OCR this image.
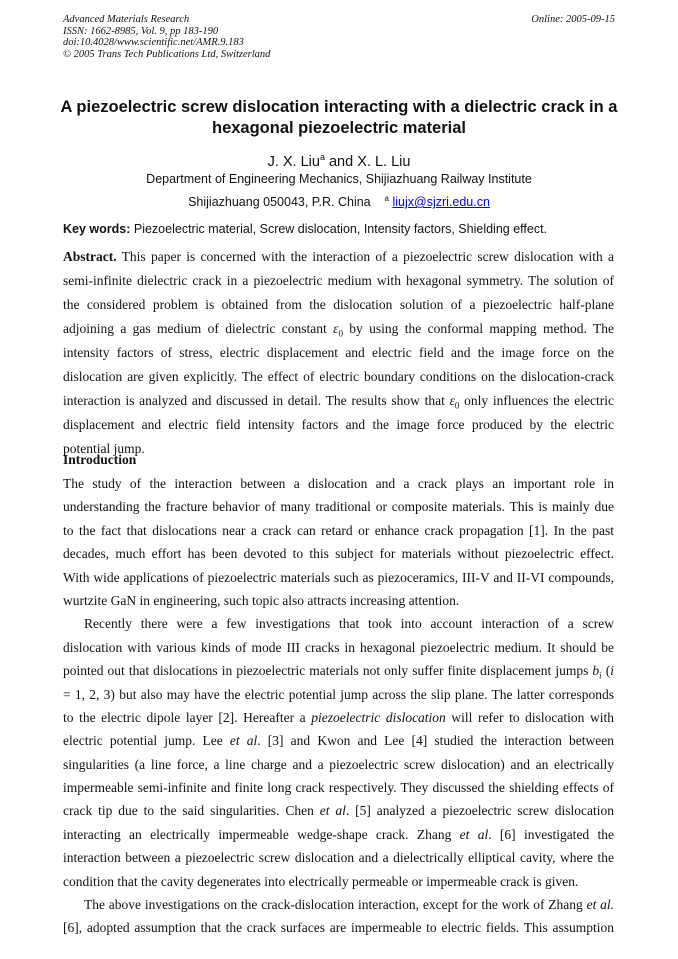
Advanced Materials Research
ISSN: 1662-8985, Vol. 9, pp 183-190
doi:10.4028/www.scientific.net/AMR.9.183
© 2005 Trans Tech Publications Ltd, Switzerland
Online: 2005-09-15
A piezoelectric screw dislocation interacting with a dielectric crack in a
hexagonal piezoelectric material
J. X. Liu$^a$ and X. L. Liu
Department of Engineering Mechanics, Shijiazhuang Railway Institute
Shijiazhuang 050043, P.R. China $^a$ liujx@sjzri.edu.cn
Key words: Piezoelectric material, Screw dislocation, Intensity factors, Shielding effect.
Abstract. This paper is concerned with the interaction of a piezoelectric screw dislocation with a
semi-infinite dielectric crack in a piezoelectric medium with hexagonal symmetry. The solution of
the considered problem is obtained from the dislocation solution of a piezoelectric half-plane
adjoining a gas medium of dielectric constant $\varepsilon_0$ by using the conformal mapping method. The
intensity factors of stress, electric displacement and electric field and the image force on the
dislocation are given explicitly. The effect of electric boundary conditions on the dislocation-crack
interaction is analyzed and discussed in detail. The results show that $\varepsilon_0$ only influences the electric
displacement and electric field intensity factors and the image force produced by the electric
potential jump.
Introduction
The study of the interaction between a dislocation and a crack plays an important role in
understanding the fracture behavior of many traditional or composite materials. This is mainly due
to the fact that dislocations near a crack can retard or enhance crack propagation [1]. In the past
decades, much effort has been devoted to this subject for materials without piezoelectric effect.
With wide applications of piezoelectric materials such as piezoceramics, III-V and II-VI compounds,
wurtzite GaN in engineering, such topic also attracts increasing attention.
Recently there were a few investigations that took into account interaction of a screw
dislocation with various kinds of mode III cracks in hexagonal piezoelectric medium. It should be
pointed out that dislocations in piezoelectric materials not only suffer finite displacement jumps $b_i$ (i
= 1, 2, 3) but also may have the electric potential jump across the slip plane. The latter corresponds
to the electric dipole layer [2]. Hereafter a piezoelectric dislocation will refer to dislocation with
electric potential jump. Lee et al. [3] and Kwon and Lee [4] studied the interaction between
singularities (a line force, a line charge and a piezoelectric screw dislocation) and an electrically
impermeable semi-infinite and finite long crack respectively. They discussed the shielding effects of
crack tip due to the said singularities. Chen et al. [5] analyzed a piezoelectric screw dislocation
interacting an electrically impermeable wedge-shape crack. Zhang et al. [6] investigated the
interaction between a piezoelectric screw dislocation and a dielectrically elliptical cavity, where the
condition that the cavity degenerates into electrically permeable or impermeable crack is given.
The above investigations on the crack-dislocation interaction, except for the work of Zhang et al.
[6], adopted assumption that the crack surfaces are impermeable to electric fields. This assumption
